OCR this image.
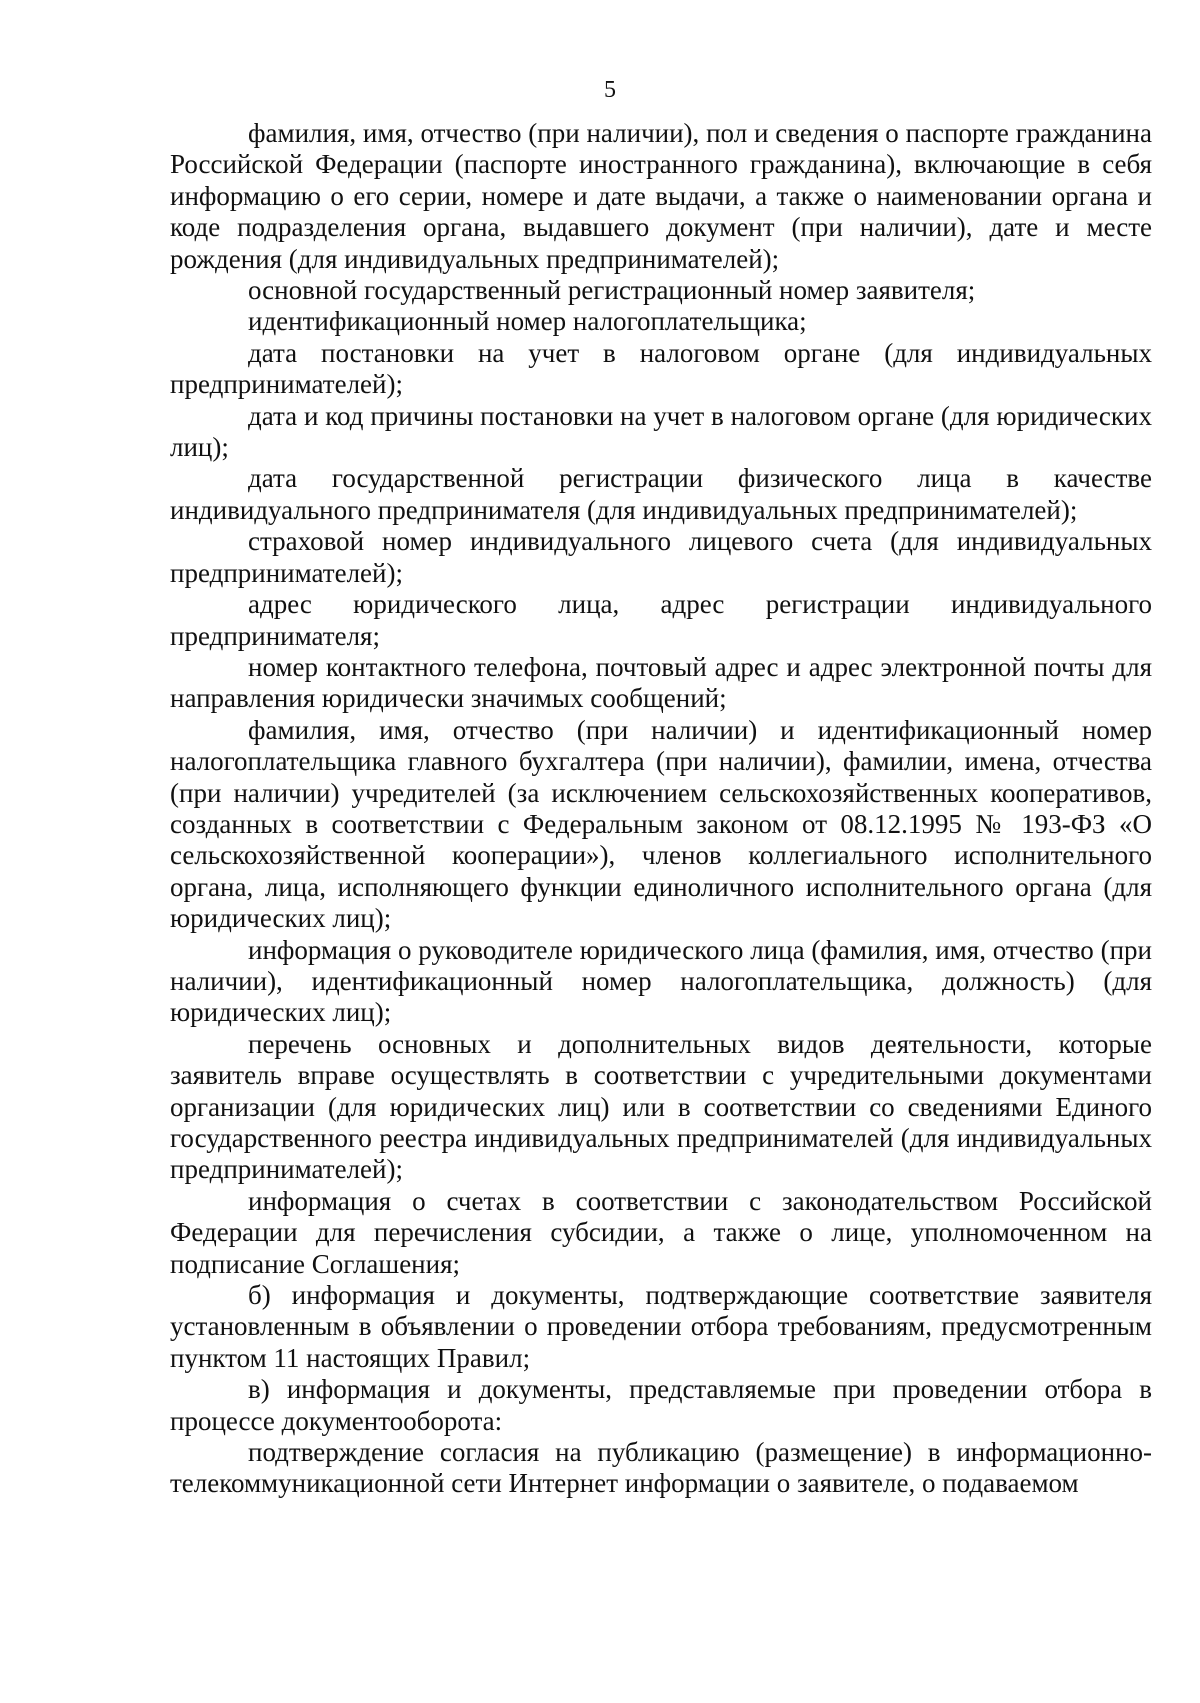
5

фамилия, имя, отчество (при наличии), пол и сведения о паспорте гражданина Российской Федерации (паспорте иностранного гражданина), включающие в себя информацию о его серии, номере и дате выдачи, а также о наименовании органа и коде подразделения органа, выдавшего документ (при наличии), дате и месте рождения (для индивидуальных предпринимателей);

основной государственный регистрационный номер заявителя;

идентификационный номер налогоплательщика;

дата постановки на учет в налоговом органе (для индивидуальных предпринимателей);

дата и код причины постановки на учет в налоговом органе (для юридических лиц);

дата государственной регистрации физического лица в качестве индивидуального предпринимателя (для индивидуальных предпринимателей);

страховой номер индивидуального лицевого счета (для индивидуальных предпринимателей);

адрес юридического лица, адрес регистрации индивидуального предпринимателя;

номер контактного телефона, почтовый адрес и адрес электронной почты для направления юридически значимых сообщений;

фамилия, имя, отчество (при наличии) и идентификационный номер налогоплательщика главного бухгалтера (при наличии), фамилии, имена, отчества (при наличии) учредителей (за исключением сельскохозяйственных кооперативов, созданных в соответствии с Федеральным законом от 08.12.1995 № 193-ФЗ «О сельскохозяйственной кооперации»), членов коллегиального исполнительного органа, лица, исполняющего функции единоличного исполнительного органа (для юридических лиц);

информация о руководителе юридического лица (фамилия, имя, отчество (при наличии), идентификационный номер налогоплательщика, должность) (для юридических лиц);

перечень основных и дополнительных видов деятельности, которые заявитель вправе осуществлять в соответствии с учредительными документами организации (для юридических лиц) или в соответствии со сведениями Единого государственного реестра индивидуальных предпринимателей (для индивидуальных предпринимателей);

информация о счетах в соответствии с законодательством Российской Федерации для перечисления субсидии, а также о лице, уполномоченном на подписание Соглашения;

б) информация и документы, подтверждающие соответствие заявителя установленным в объявлении о проведении отбора требованиям, предусмотренным пунктом 11 настоящих Правил;

в) информация и документы, представляемые при проведении отбора в процессе документооборота:

подтверждение согласия на публикацию (размещение) в информационно-телекоммуникационной сети Интернет информации о заявителе, о подаваемом
